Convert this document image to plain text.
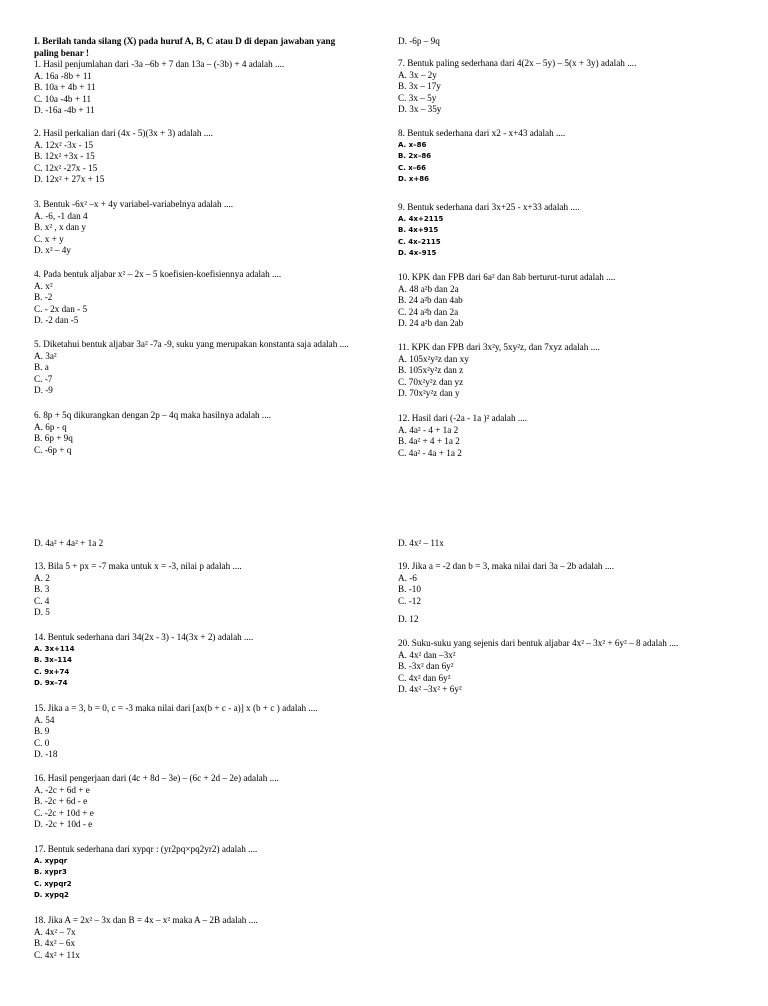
I. Berilah tanda silang (X) pada huruf A, B, C atau D di depan jawaban yang paling benar !
1. Hasil penjumlahan dari -3a –6b + 7 dan 13a – (-3b) + 4 adalah ....
A. 16a -8b + 11
B. 10a + 4b + 11
C. 10a -4b + 11
D. -16a -4b + 11
2. Hasil perkalian dari (4x - 5)(3x + 3) adalah ....
A. 12x² -3x - 15
B. 12x² +3x - 15
C. 12x² -27x - 15
D. 12x² + 27x + 15
3. Bentuk -6x² –x + 4y variabel-variabelnya adalah ....
A. -6, -1 dan 4
B. x² , x dan y
C. x + y
D. x² – 4y
4. Pada bentuk aljabar x² – 2x – 5 koefisien-koefisiennya adalah ....
A. x²
B. -2
C. - 2x dan - 5
D. -2 dan -5
5. Diketahui bentuk aljabar 3a² -7a -9, suku yang merupakan konstanta saja adalah ....
A. 3a²
B. a
C. -7
D. -9
6. 8p + 5q dikurangkan dengan 2p – 4q maka hasilnya adalah ....
A. 6p - q
B. 6p + 9q
C. -6p + q
D. -6p – 9q
7. Bentuk paling sederhana dari 4(2x – 5y) – 5(x + 3y) adalah ....
A. 3x – 2y
B. 3x – 17y
C. 3x – 5y
D. 3x – 35y
8. Bentuk sederhana dari x2 - x+43 adalah ....
A. x–86
B. 2x–86
C. x–66
D. x+86
9. Bentuk sederhana dari 3x+25 - x+33 adalah ....
A. 4x+2115
B. 4x+915
C. 4x–2115
D. 4x–915
10. KPK dan FPB dari 6a² dan 8ab berturut-turut adalah ....
A. 48 a²b dan 2a
B. 24 a²b dan 4ab
C. 24 a²b dan 2a
D. 24 a²b dan 2ab
11. KPK dan FPB dari 3x²y, 5xy²z, dan 7xyz adalah ....
A. 105x²y²z dan xy
B. 105x²y²z dan z
C. 70x²y²z dan yz
D. 70x²y²z dan y
12. Hasil dari (-2a - 1a )² adalah ....
A. 4a² - 4 + 1a 2
B. 4a² + 4 + 1a 2
C. 4a² - 4a + 1a 2
D. 4a² + 4a² + 1a 2
13. Bila 5 + px = -7 maka untuk x = -3, nilai p adalah ....
A. 2
B. 3
C. 4
D. 5
14. Bentuk sederhana dari 34(2x - 3) - 14(3x + 2) adalah ....
A. 3x+114
B. 3x–114
C. 9x+74
D. 9x–74
15. Jika a = 3, b = 0, c = -3 maka nilai dari [ax(b + c - a)] x (b + c ) adalah ....
A. 54
B. 9
C. 0
D. -18
16. Hasil pengerjaan dari (4c + 8d – 3e) – (6c + 2d – 2e) adalah ....
A. -2c + 6d + e
B. -2c + 6d - e
C. -2c + 10d + e
D. -2c + 10d - e
17. Bentuk sederhana dari xypqr : (yr2pq×pq2yr2) adalah ....
A. xypqr
B. xypr3
C. xypqr2
D. xypq2
18. Jika A = 2x² – 3x dan B = 4x – x² maka A – 2B adalah ....
A. 4x² – 7x
B. 4x² – 6x
C. 4x² + 11x
D. 4x² – 11x
19. Jika a = -2 dan b = 3, maka nilai dari 3a – 2b adalah ....
A. -6
B. -10
C. -12
D. 12
20. Suku-suku yang sejenis dari bentuk aljabar 4x² – 3x² + 6y² – 8 adalah ....
A. 4x² dan –3x²
B. -3x² dan 6y²
C. 4x² dan 6y²
D. 4x² –3x² + 6y²
